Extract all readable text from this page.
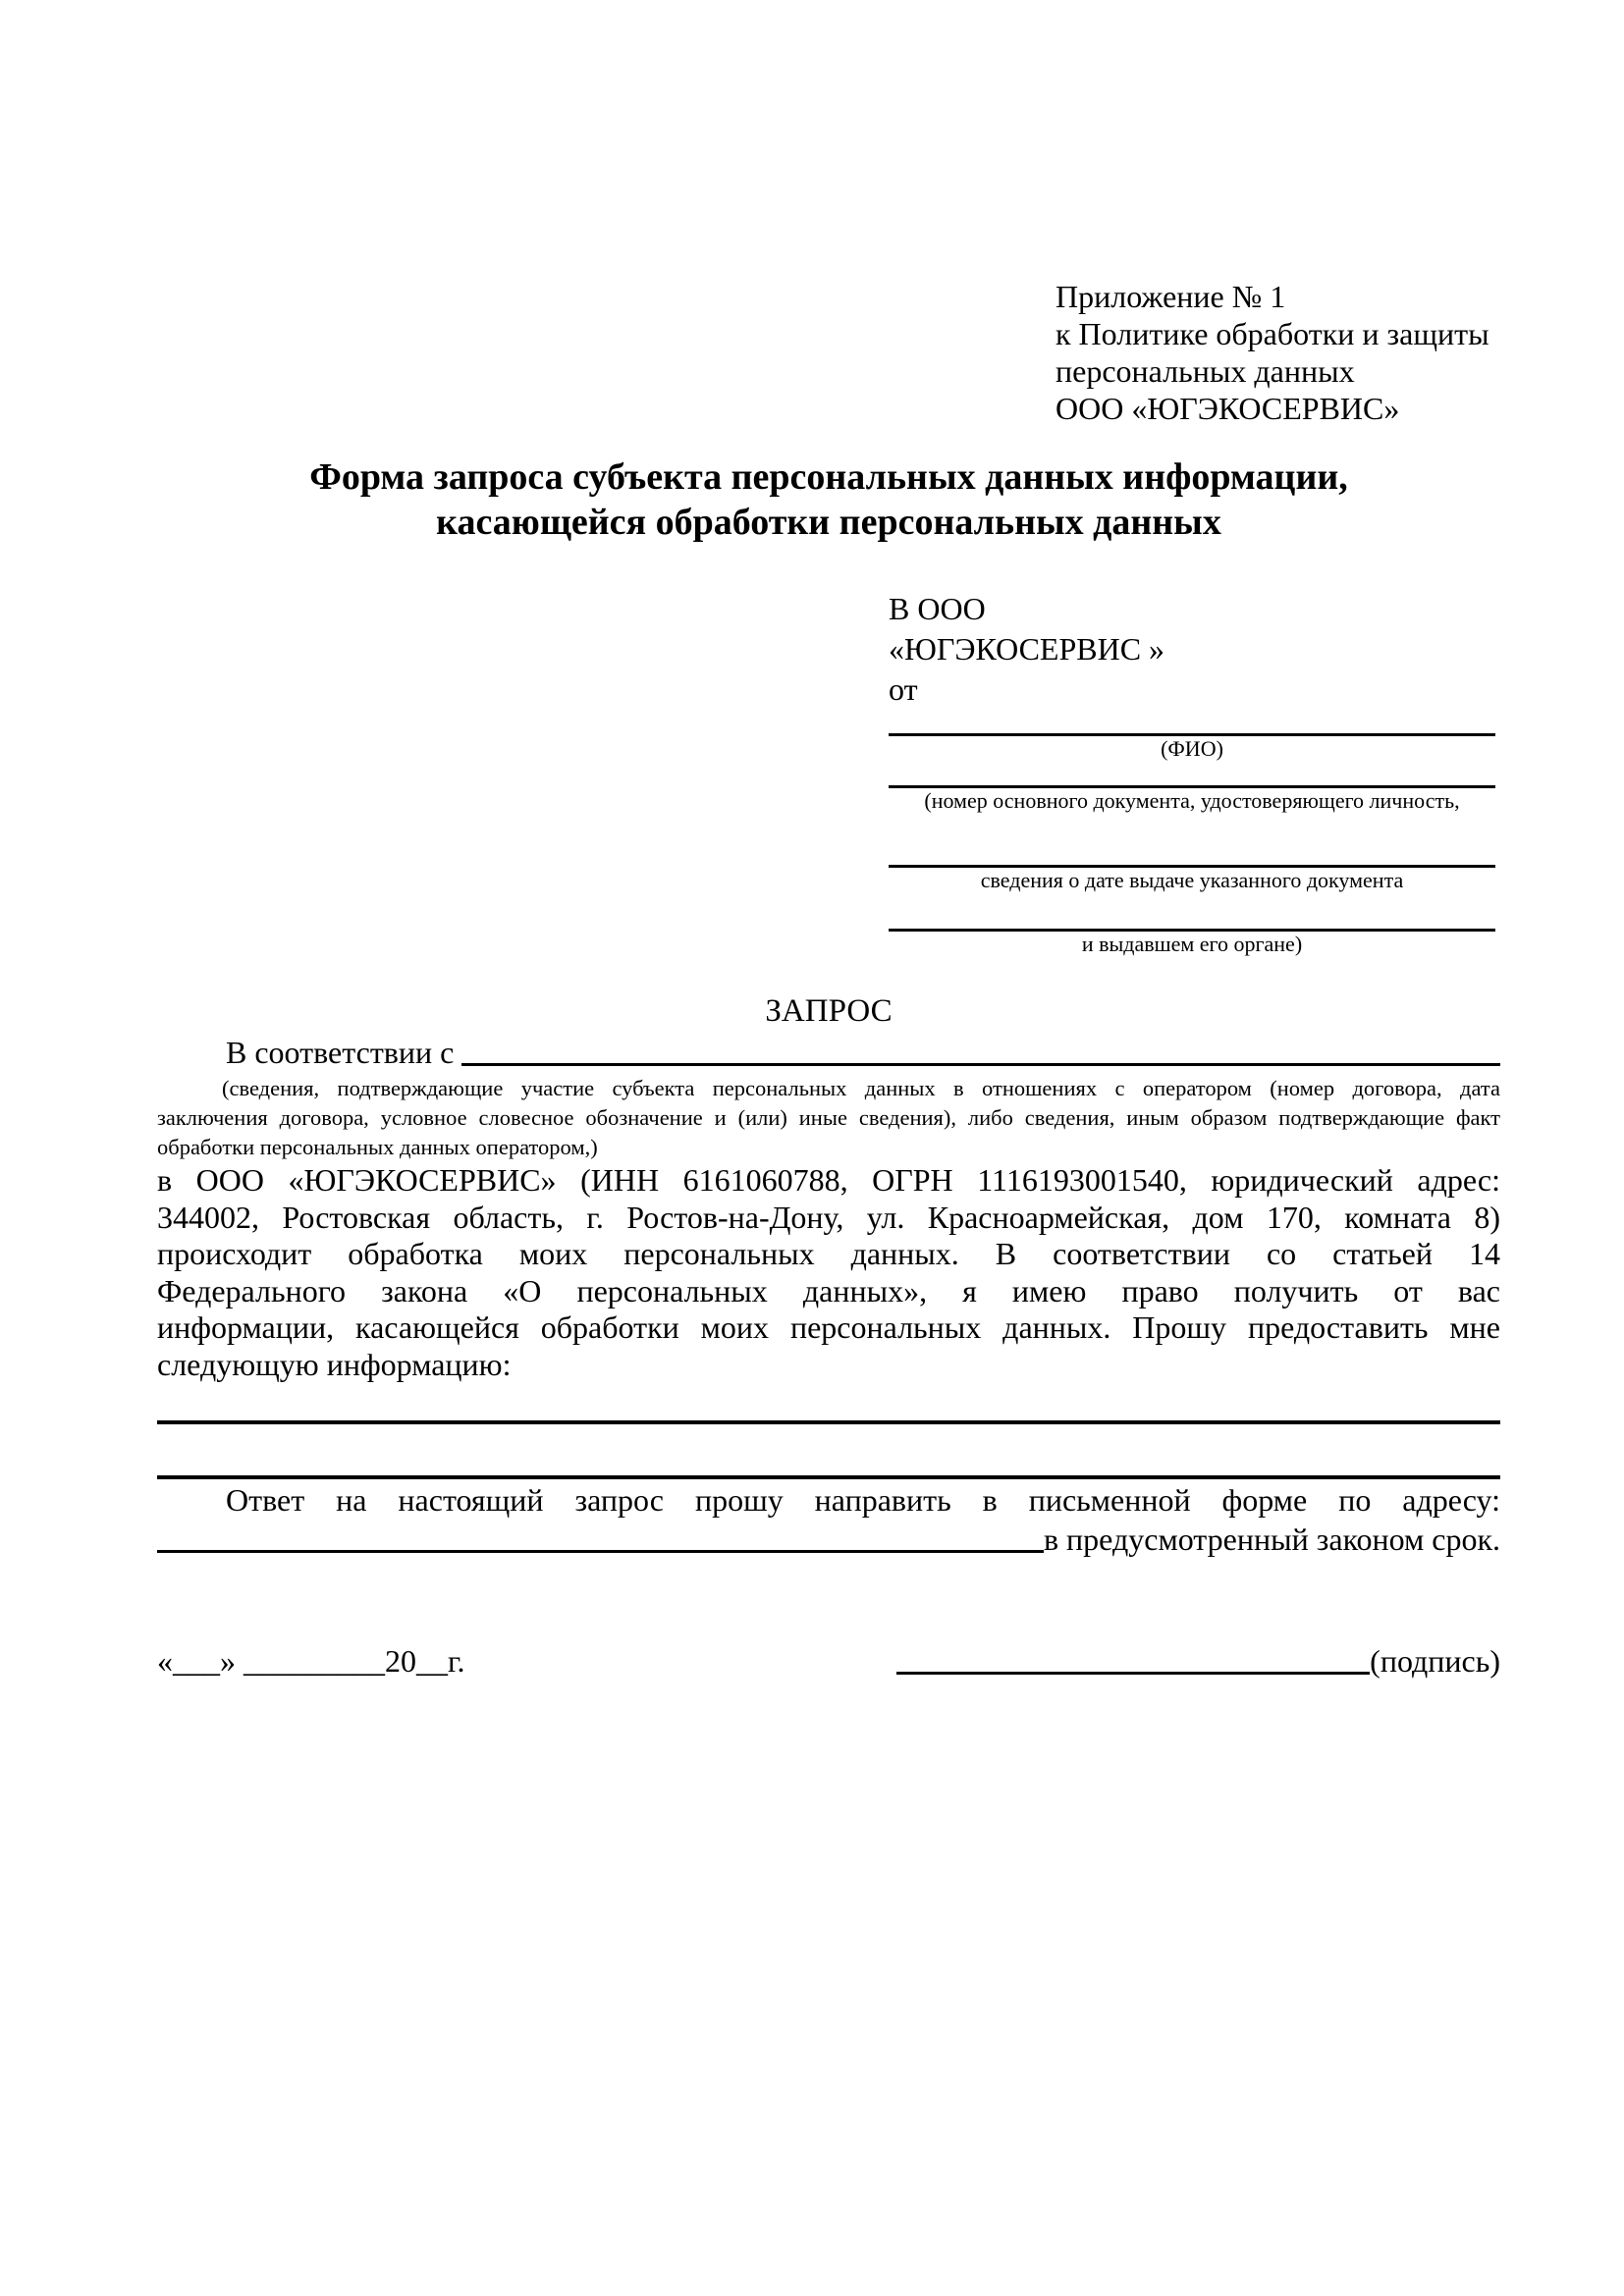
Приложение № 1
к Политике обработки и защиты
персональных данных
ООО «ЮГЭКОСЕРВИС»
Форма запроса субъекта персональных данных информации,
касающейся обработки персональных данных
В ООО
«ЮГЭКОСЕРВИС »
от
(ФИО)
(номер основного документа, удостоверяющего личность,
сведения о дате выдаче указанного документа
и выдавшем его органе)
ЗАПРОС
В соответствии с
(сведения, подтверждающие участие субъекта персональных данных в отношениях с оператором (номер договора, дата
заключения договора, условное словесное обозначение и (или) иные сведения), либо сведения, иным образом подтверждающие факт
обработки персональных данных оператором,)
в ООО «ЮГЭКОСЕРВИС» (ИНН 6161060788, ОГРН 1116193001540, юридический адрес:
344002, Ростовская область, г. Ростов-на-Дону, ул. Красноармейская, дом 170, комната 8)
происходит обработка моих персональных данных. В соответствии со статьей 14
Федерального закона «О персональных данных», я имею право получить от вас
информации, касающейся обработки моих персональных данных. Прошу предоставить мне
следующую информацию:
Ответ на настоящий запрос прошу направить в письменной форме по адресу:
в предусмотренный законом срок.
«___» _________20__г.	(подпись)
